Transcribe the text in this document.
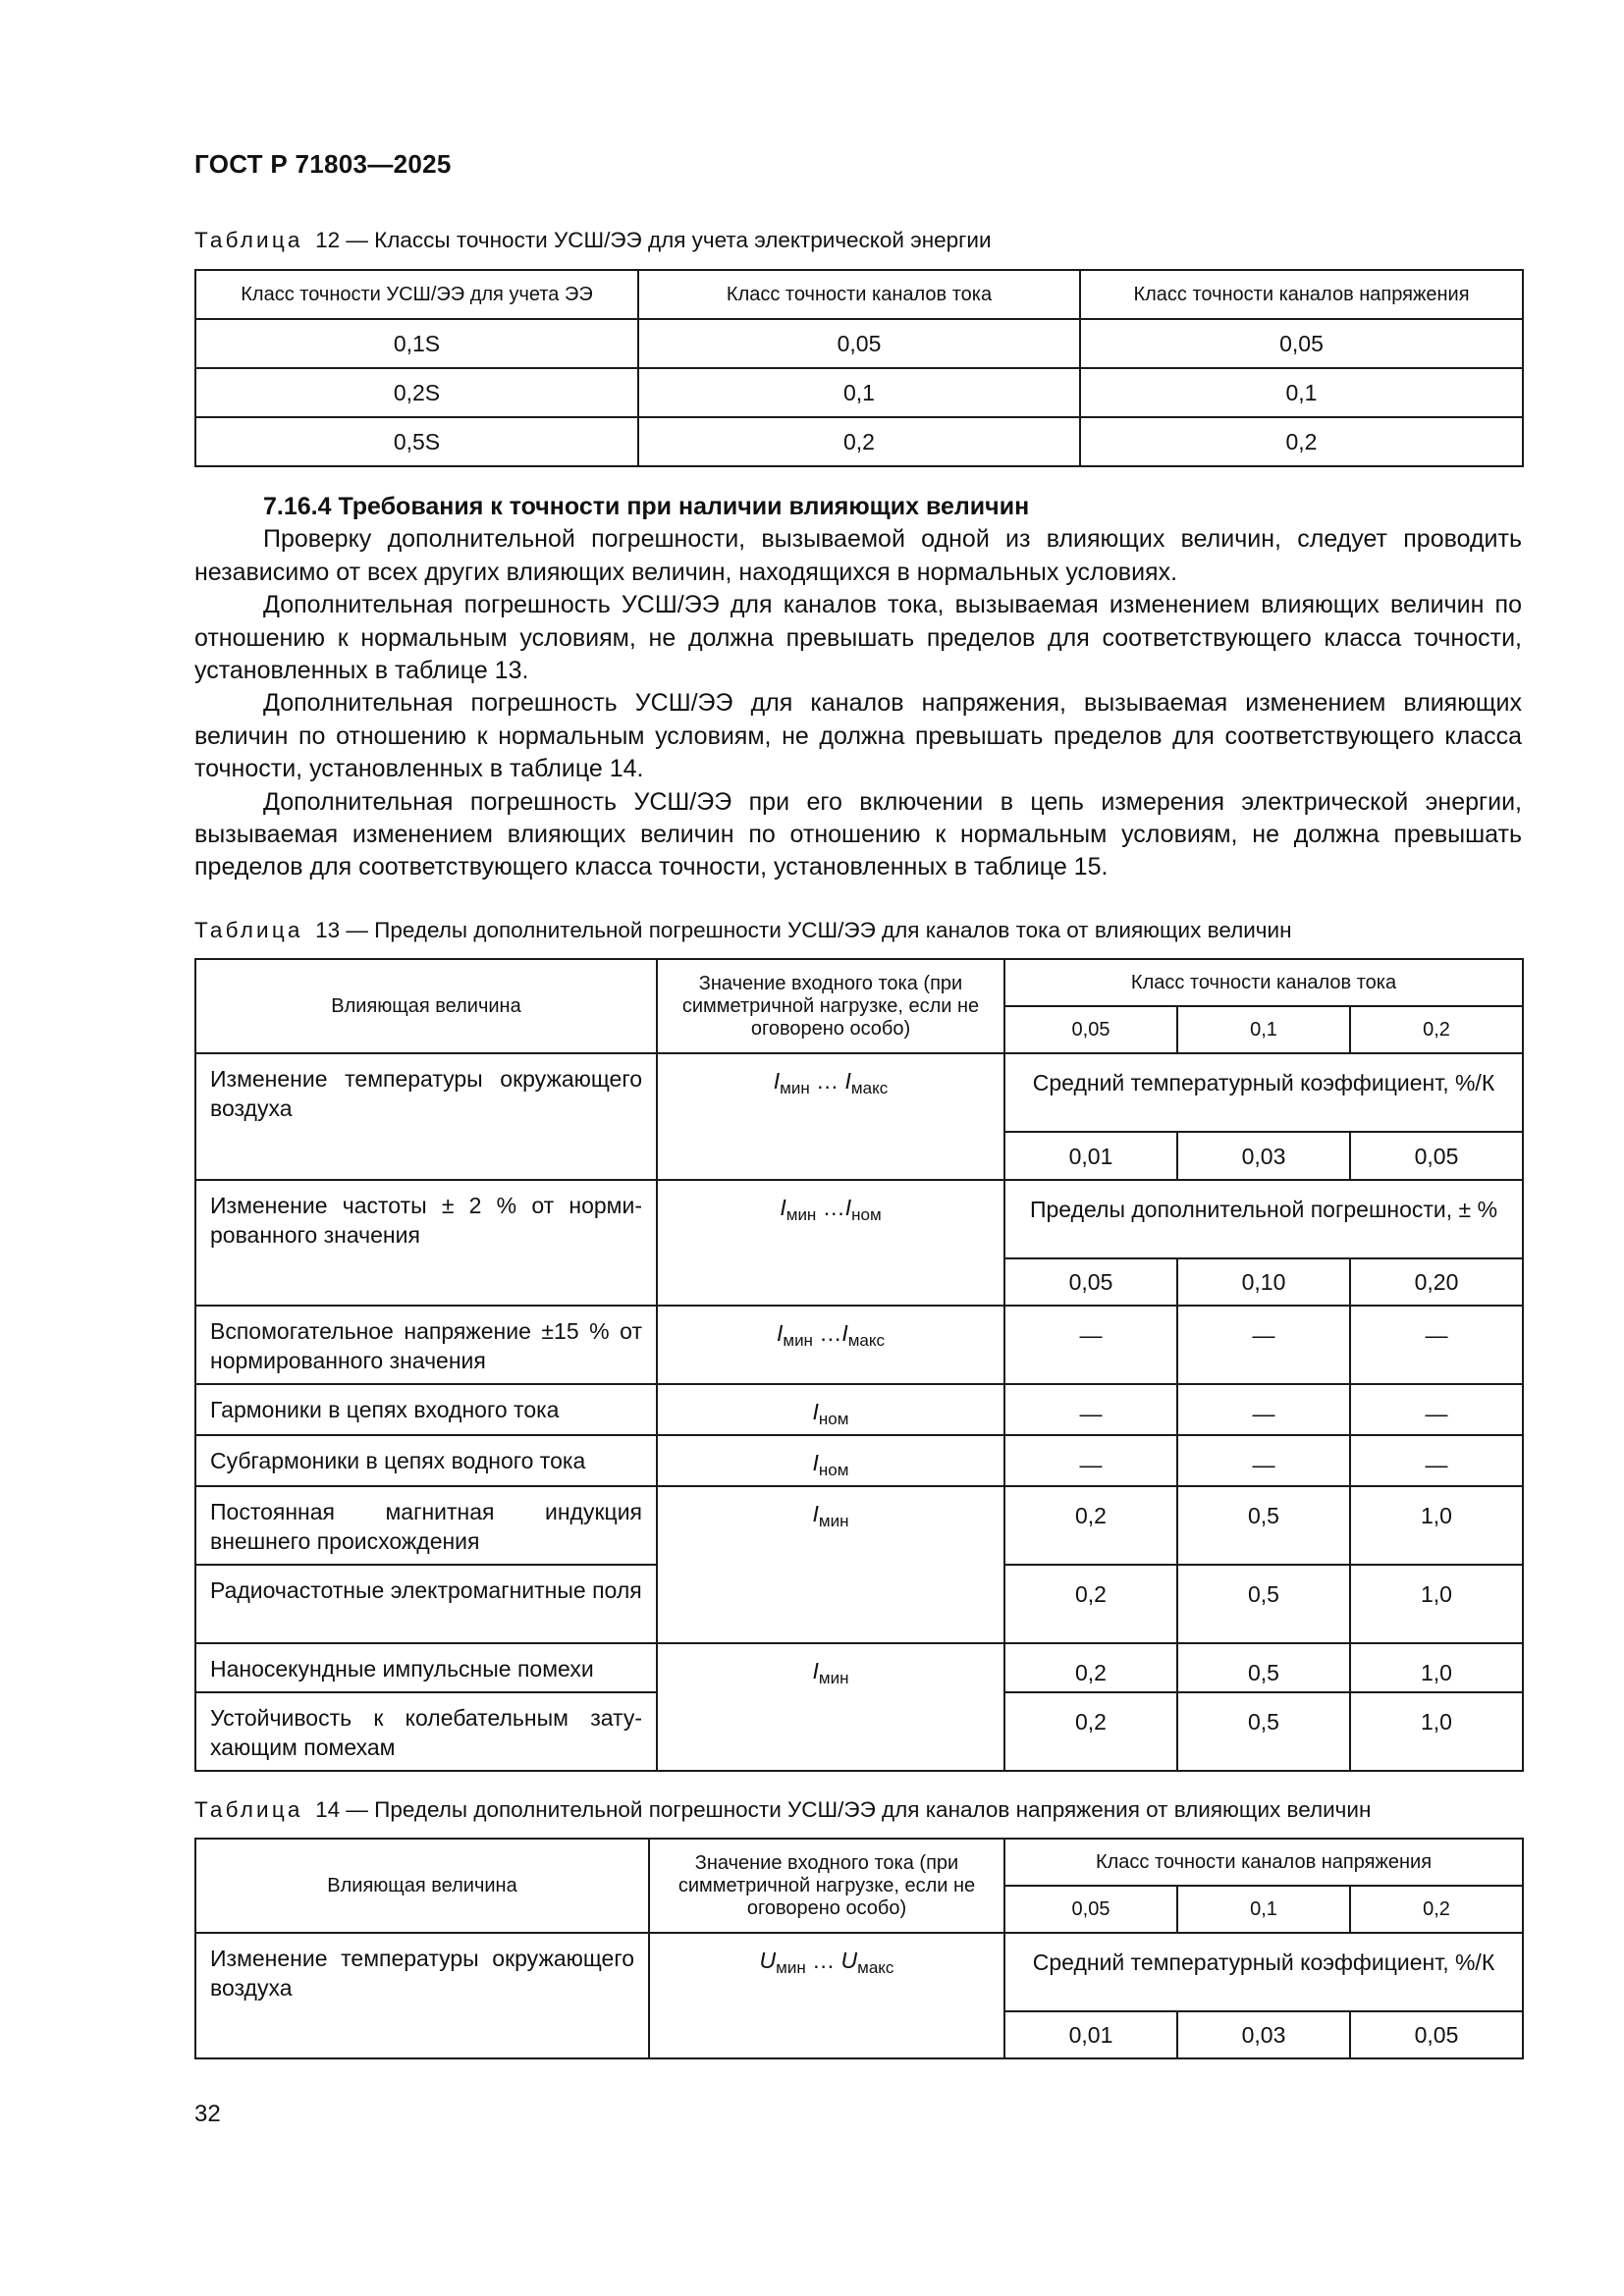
ГОСТ Р 71803—2025
Таблица 12 — Классы точности УСШ/ЭЭ для учета электрической энергии
Класс точности УСШ/ЭЭ для учета ЭЭ	Класс точности каналов тока	Класс точности каналов напряжения
0,1S	0,05	0,05
0,2S	0,1	0,1
0,5S	0,2	0,2

7.16.4 Требования к точности при наличии влияющих величин

Проверку дополнительной погрешности, вызываемой одной из влияющих величин, следует проводить независимо от всех других влияющих величин, находящихся в нормальных условиях.

Дополнительная погрешность УСШ/ЭЭ для каналов тока, вызываемая изменением влияющих величин по отношению к нормальным условиям, не должна превышать пределов для соответствующего класса точности, установленных в таблице 13.

Дополнительная погрешность УСШ/ЭЭ для каналов напряжения, вызываемая изменением влияющих величин по отношению к нормальным условиям, не должна превышать пределов для соответствующего класса точности, установленных в таблице 14.

Дополнительная погрешность УСШ/ЭЭ при его включении в цепь измерения электрической энергии, вызываемая изменением влияющих величин по отношению к нормальным условиям, не должна превышать пределов для соответствующего класса точности, установленных в таблице 15.

Таблица 13 — Пределы дополнительной погрешности УСШ/ЭЭ для каналов тока от влияющих величин
Влияющая величина	Значение входного тока (при симметричной нагрузке, если не оговорено особо)	Класс точности каналов тока		
		0,05	0,1	0,2
Изменение температуры окружающего воздуха	$I_{мин}$ … $I_{макс}$	Средний температурный коэффициент, %/К		
		0,01	0,03	0,05
Изменение частоты ± 2 % от нормированного значения	$I_{мин}$ $\dots I_{ном}$	Пределы дополнительной погрешности, ± %		
		0,05	0,10	0,20
Вспомогательное напряжение ±15 % от нормированного значения	$I_{мин}$ $\dots I_{макс}$	—	—	—
Гармоники в цепях входного тока	$I_{ном}$	—	—	—
Субгармоники в цепях водного тока	$I_{ном}$	—	—	—
Постоянная магнитная индукция внешнего происхождения	$I_{мин}$	0,2	0,5	1,0
Радиочастотные электромагнитные поля		0,2	0,5	1,0
Наносекундные импульсные помехи	$I_{мин}$	0,2	0,5	1,0
Устойчивость к колебательным затухающим помехам		0,2	0,5	1,0
Таблица 14 — Пределы дополнительной погрешности УСШ/ЭЭ для каналов напряжения от влияющих величин
Влияющая величина	Значение входного тока (при симметричной нагрузке, если не оговорено особо)	Класс точности каналов напряжения		
		0,05	0,1	0,2
Изменение температуры окружающего воздуха	$U_{мин}$ … $U_{макс}$	Средний температурный коэффициент, %/К		
		0,01	0,03	0,05
32
